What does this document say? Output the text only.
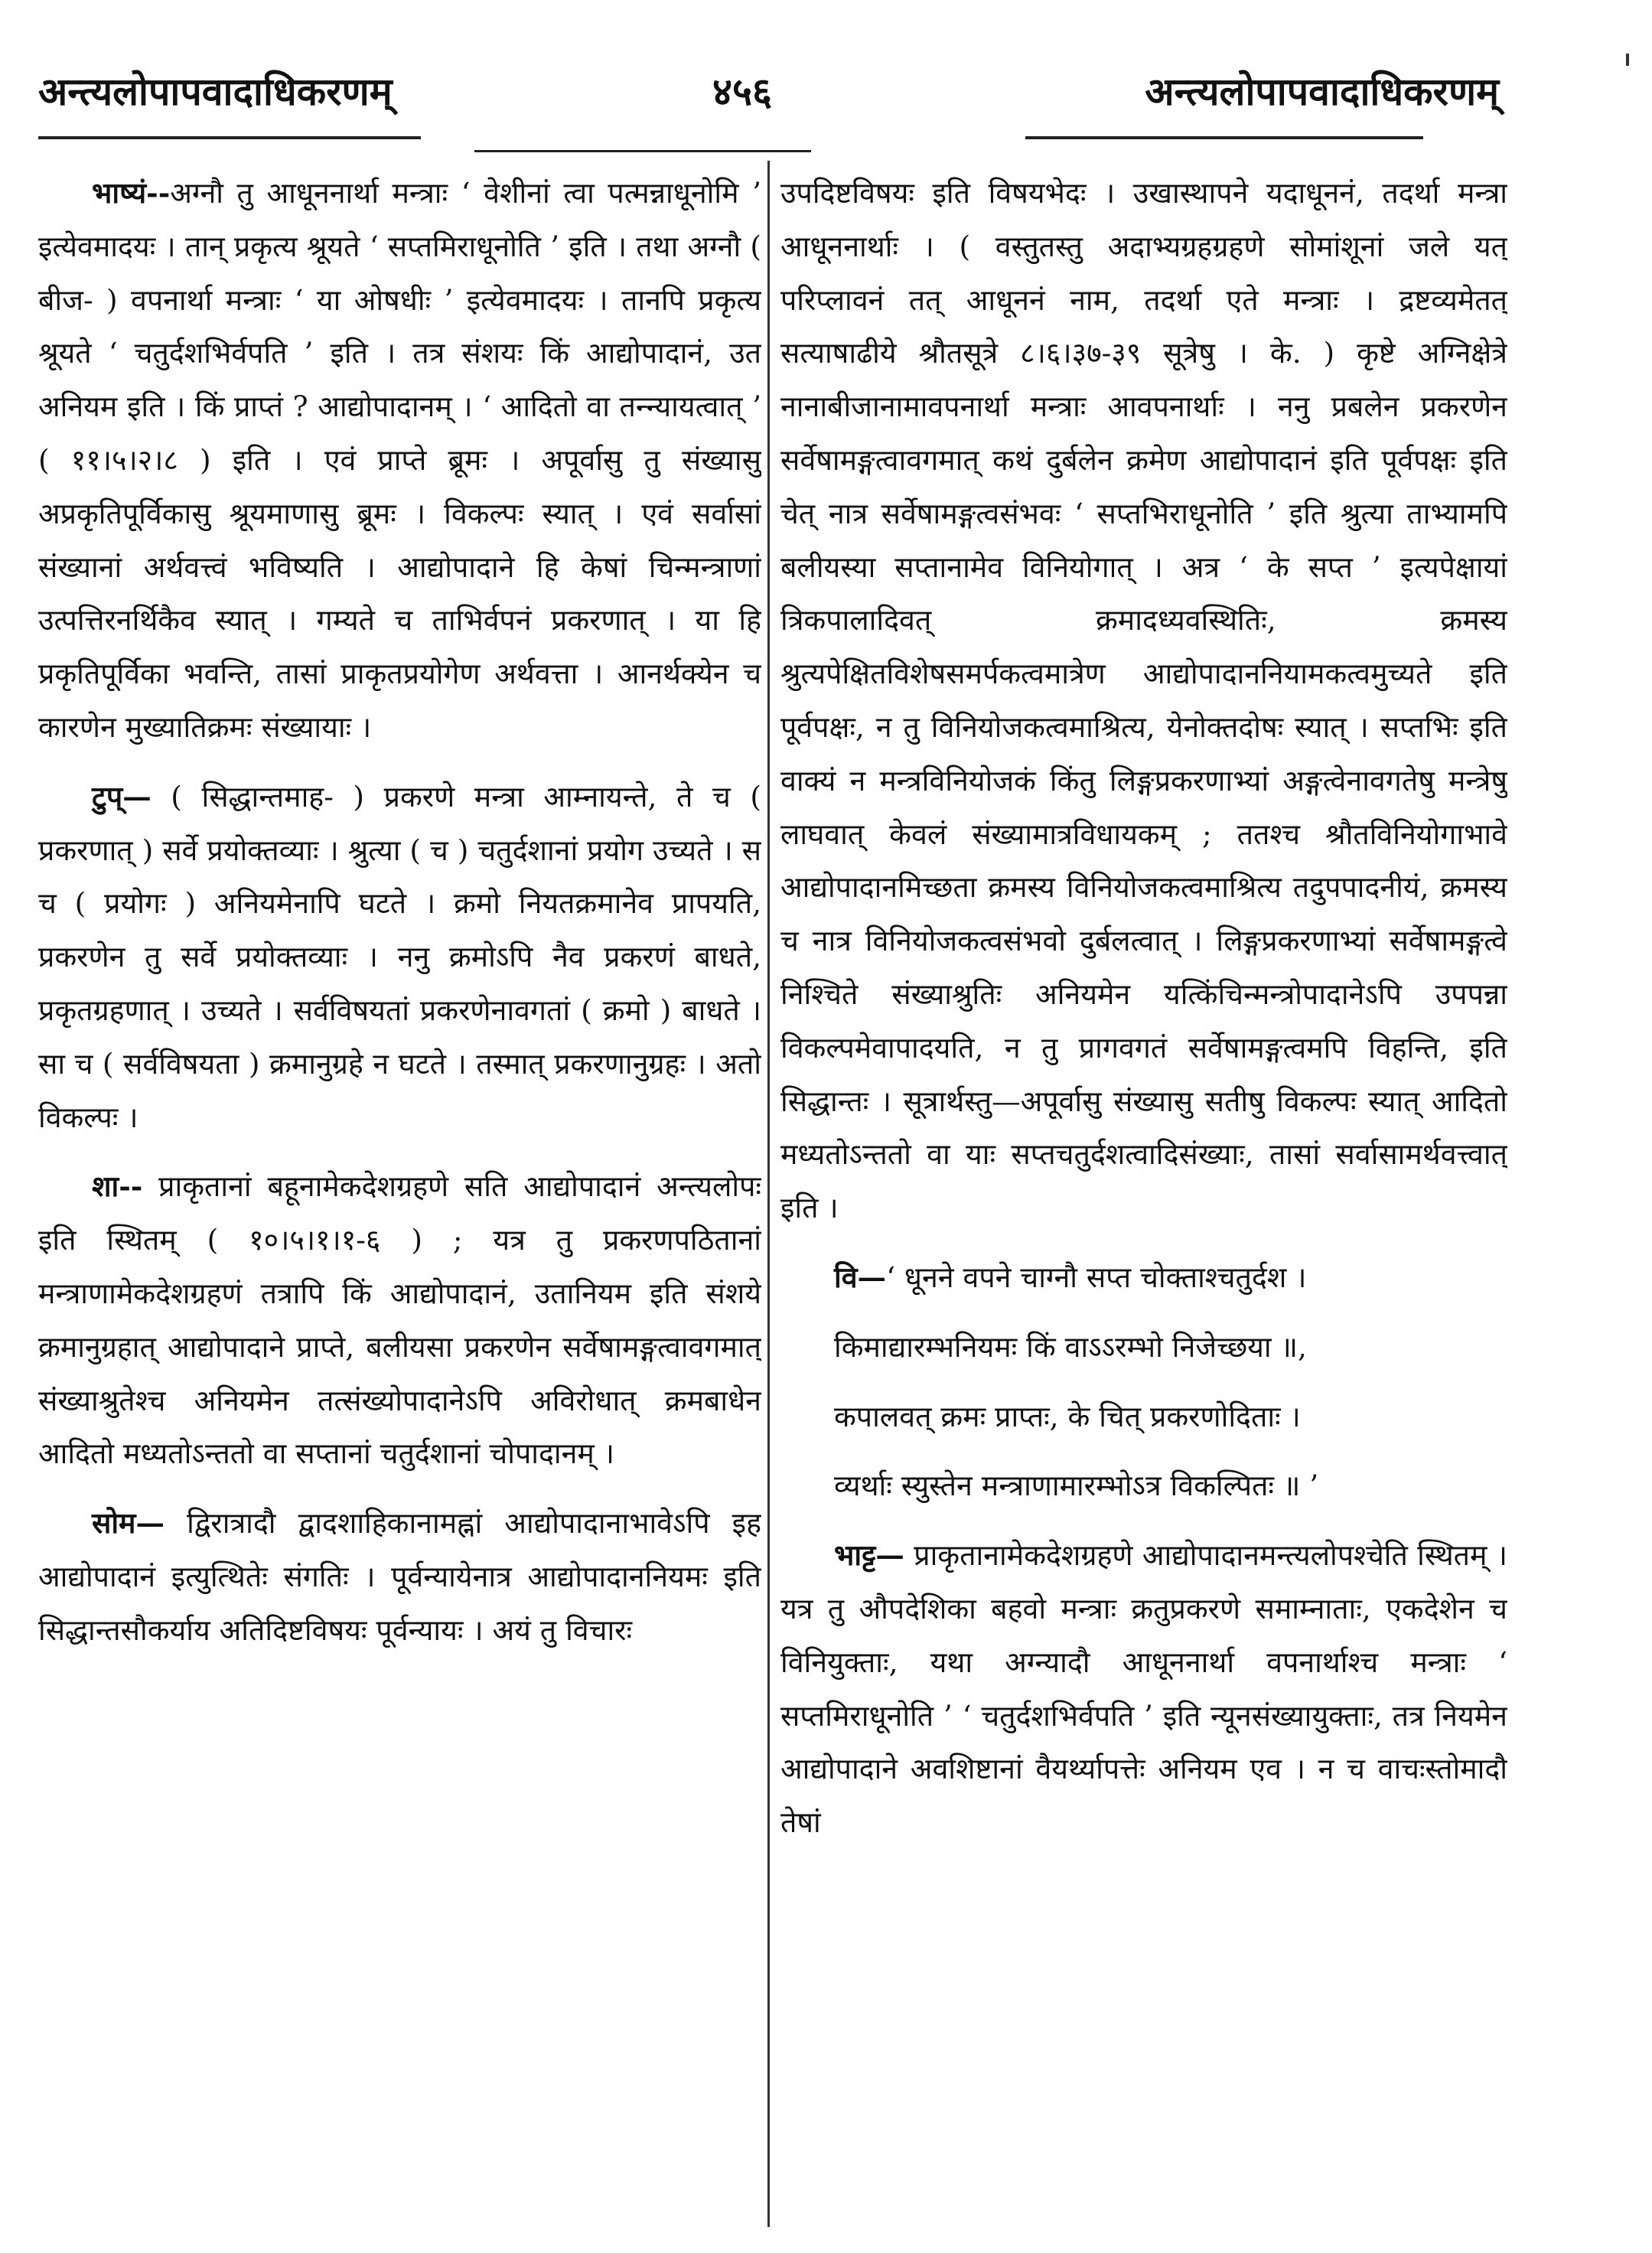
अन्त्यलोपापवादाधिकरणम्	४५६	अन्त्यलोपापवादाधिकरणम्

भाष्यं--अग्नौ तु आधूननार्था मन्त्राः ‘ वेशीनां त्वा पत्मन्नाधूनोमि ’ इत्येवमादयः । तान् प्रकृत्य श्रूयते ‘ सप्तमिराधूनोति ’ इति । तथा अग्नौ ( बीज- ) वपनार्था मन्त्राः ‘ या ओषधीः ’ इत्येवमादयः । तानपि प्रकृत्य श्रूयते ‘ चतुर्दशभिर्वपति ’ इति । तत्र संशयः किं आद्योपादानं, उत अनियम इति । किं प्राप्तं ? आद्योपादानम् । ‘ आदितो वा तन्न्यायत्वात् ’ ( ११।५।२।८ ) इति । एवं प्राप्ते ब्रूमः । अपूर्वासु तु संख्यासु अप्रकृतिपूर्विकासु श्रूयमाणासु ब्रूमः । विकल्पः स्यात् । एवं सर्वासां संख्यानां अर्थवत्त्वं भविष्यति । आद्योपादाने हि केषां चिन्मन्त्राणां उत्पत्तिरनर्थिकैव स्यात् । गम्यते च ताभिर्वपनं प्रकरणात् । या हि प्रकृतिपूर्विका भवन्ति, तासां प्राकृतप्रयोगेण अर्थवत्ता । आनर्थक्येन च कारणेन मुख्यातिक्रमः संख्यायाः ।

टुप्— ( सिद्धान्तमाह- ) प्रकरणे मन्त्रा आम्नायन्ते, ते च ( प्रकरणात् ) सर्वे प्रयोक्तव्याः । श्रुत्या ( च ) चतुर्दशानां प्रयोग उच्यते । स च ( प्रयोगः ) अनियमेनापि घटते । क्रमो नियतक्रमानेव प्रापयति, प्रकरणेन तु सर्वे प्रयोक्तव्याः । ननु क्रमोऽपि नैव प्रकरणं बाधते, प्रकृतग्रहणात् । उच्यते । सर्वविषयतां प्रकरणेनावगतां ( क्रमो ) बाधते । सा च ( सर्वविषयता ) क्रमानुग्रहे न घटते । तस्मात् प्रकरणानुग्रहः । अतो विकल्पः ।

शा-- प्राकृतानां बहूनामेकदेशग्रहणे सति आद्योपादानं अन्त्यलोपः इति स्थितम् ( १०।५।१।१-६ ) ; यत्र तु प्रकरणपठितानां मन्त्राणामेकदेशग्रहणं तत्रापि किं आद्योपादानं, उतानियम इति संशये क्रमानुग्रहात् आद्योपादाने प्राप्ते, बलीयसा प्रकरणेन सर्वेषामङ्गत्वावगमात् संख्याश्रुतेश्च अनियमेन तत्संख्योपादानेऽपि अविरोधात् क्रमबाधेन आदितो मध्यतोऽन्ततो वा सप्तानां चतुर्दशानां चोपादानम् ।

सोम— द्विरात्रादौ द्वादशाहिकानामह्नां आद्योपादानाभावेऽपि इह आद्योपादानं इत्युत्थितेः संगतिः । पूर्वन्यायेनात्र आद्योपादाननियमः इति सिद्धान्तसौकर्याय अतिदिष्टविषयः पूर्वन्यायः । अयं तु विचारः

उपदिष्टविषयः इति विषयभेदः । उखास्थापने यदाधूननं, तदर्था मन्त्रा आधूननार्थाः । ( वस्तुतस्तु अदाभ्यग्रहग्रहणे सोमांशूनां जले यत् परिप्लावनं तत् आधूननं नाम, तदर्था एते मन्त्राः । द्रष्टव्यमेतत् सत्याषाढीये श्रौतसूत्रे ८।६।३७-३९ सूत्रेषु । के. ) कृष्टे अग्निक्षेत्रे नानाबीजानामावपनार्था मन्त्राः आवपनार्थाः । ननु प्रबलेन प्रकरणेन सर्वेषामङ्गत्वावगमात् कथं दुर्बलेन क्रमेण आद्योपादानं इति पूर्वपक्षः इति चेत् नात्र सर्वेषामङ्गत्वसंभवः ‘ सप्तभिराधूनोति ’ इति श्रुत्या ताभ्यामपि बलीयस्या सप्तानामेव विनियोगात् । अत्र ‘ के सप्त ’ इत्यपेक्षायां त्रिकपालादिवत् क्रमादध्यवस्थितिः, क्रमस्य श्रुत्यपेक्षितविशेषसमर्पकत्वमात्रेण आद्योपादाननियामकत्वमुच्यते इति पूर्वपक्षः, न तु विनियोजकत्वमाश्रित्य, येनोक्तदोषः स्यात् । सप्तभिः इति वाक्यं न मन्त्रविनियोजकं किंतु लिङ्गप्रकरणाभ्यां अङ्गत्वेनावगतेषु मन्त्रेषु लाघवात् केवलं संख्यामात्रविधायकम् ; ततश्च श्रौतविनियोगाभावे आद्योपादानमिच्छता क्रमस्य विनियोजकत्वमाश्रित्य तदुपपादनीयं, क्रमस्य च नात्र विनियोजकत्वसंभवो दुर्बलत्वात् । लिङ्गप्रकरणाभ्यां सर्वेषामङ्गत्वे निश्चिते संख्याश्रुतिः अनियमेन यत्किंचिन्मन्त्रोपादानेऽपि उपपन्ना विकल्पमेवापादयति, न तु प्रागवगतं सर्वेषामङ्गत्वमपि विहन्ति, इति सिद्धान्तः । सूत्रार्थस्तु—अपूर्वासु संख्यासु सतीषु विकल्पः स्यात् आदितो मध्यतोऽन्ततो वा याः सप्तचतुर्दशत्वादिसंख्याः, तासां सर्वासामर्थवत्त्वात् इति ।

वि—‘ धूनने वपने चाग्नौ सप्त चोक्ताश्चतुर्दश ।

किमाद्यारम्भनियमः किं वाऽऽरम्भो निजेच्छया ॥,

कपालवत् क्रमः प्राप्तः, के चित् प्रकरणोदिताः ।

व्यर्थाः स्युस्तेन मन्त्राणामारम्भोऽत्र विकल्पितः ॥ ’

भाट्ट— प्राकृतानामेकदेशग्रहणे आद्योपादानमन्त्यलोपश्चेति स्थितम् । यत्र तु औपदेशिका बहवो मन्त्राः क्रतुप्रकरणे समाम्नाताः, एकदेशेन च विनियुक्ताः, यथा अग्न्यादौ आधूननार्था वपनार्थाश्च मन्त्राः ‘ सप्तमिराधूनोति ’ ‘ चतुर्दशभिर्वपति ’ इति न्यूनसंख्यायुक्ताः, तत्र नियमेन आद्योपादाने अवशिष्टानां वैयर्थ्यापत्तेः अनियम एव । न च वाचःस्तोमादौ तेषां
